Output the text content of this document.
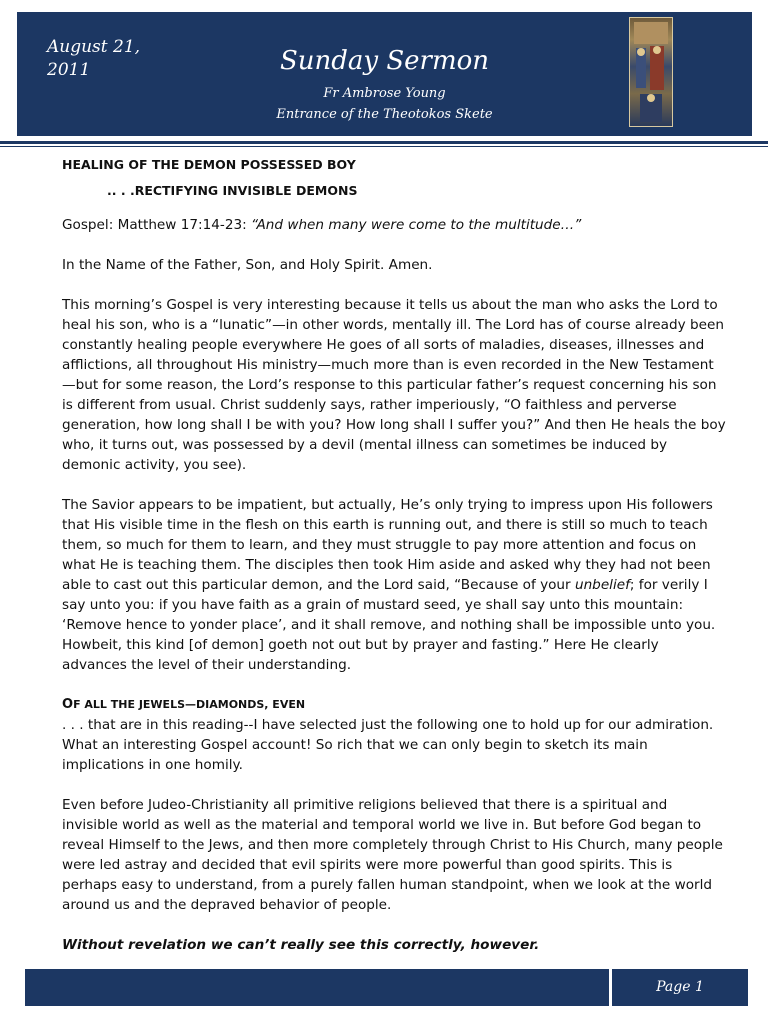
August 21,
2011	Sunday Sermon
Fr Ambrose Young
Entrance of the Theotokos Skete
HEALING OF THE DEMON POSSESSED BOY
.. . .RECTIFYING INVISIBLE DEMONS

Gospel: Matthew 17:14-23: “And when many were come to the multitude…”

In the Name of the Father, Son, and Holy Spirit. Amen.

This morning’s Gospel is very interesting because it tells us about the man who asks the Lord to heal his son, who is a “lunatic”—in other words, mentally ill. The Lord has of course already been constantly healing people everywhere He goes of all sorts of maladies, diseases, illnesses and afflictions, all throughout His ministry—much more than is even recorded in the New Testament—but for some reason, the Lord’s response to this particular father’s request concerning his son is different from usual. Christ suddenly says, rather imperiously, “O faithless and perverse generation, how long shall I be with you? How long shall I suffer you?” And then He heals the boy who, it turns out, was possessed by a devil (mental illness can sometimes be induced by demonic activity, you see).

The Savior appears to be impatient, but actually, He’s only trying to impress upon His followers that His visible time in the flesh on this earth is running out, and there is still so much to teach them, so much for them to learn, and they must struggle to pay more attention and focus on what He is teaching them. The disciples then took Him aside and asked why they had not been able to cast out this particular demon, and the Lord said, “Because of your unbelief; for verily I say unto you: if you have faith as a grain of mustard seed, ye shall say unto this mountain: ‘Remove hence to yonder place’, and it shall remove, and nothing shall be impossible unto you. Howbeit, this kind [of demon] goeth not out but by prayer and fasting.” Here He clearly advances the level of their understanding.

OF ALL THE JEWELS—DIAMONDS, EVEN

. . . that are in this reading--I have selected just the following one to hold up for our admiration. What an interesting Gospel account! So rich that we can only begin to sketch its main implications in one homily.

Even before Judeo-Christianity all primitive religions believed that there is a spiritual and invisible world as well as the material and temporal world we live in. But before God began to reveal Himself to the Jews, and then more completely through Christ to His Church, many people were led astray and decided that evil spirits were more powerful than good spirits. This is perhaps easy to understand, from a purely fallen human standpoint, when we look at the world around us and the depraved behavior of people.

Without revelation we can’t really see this correctly, however.

Page 1
